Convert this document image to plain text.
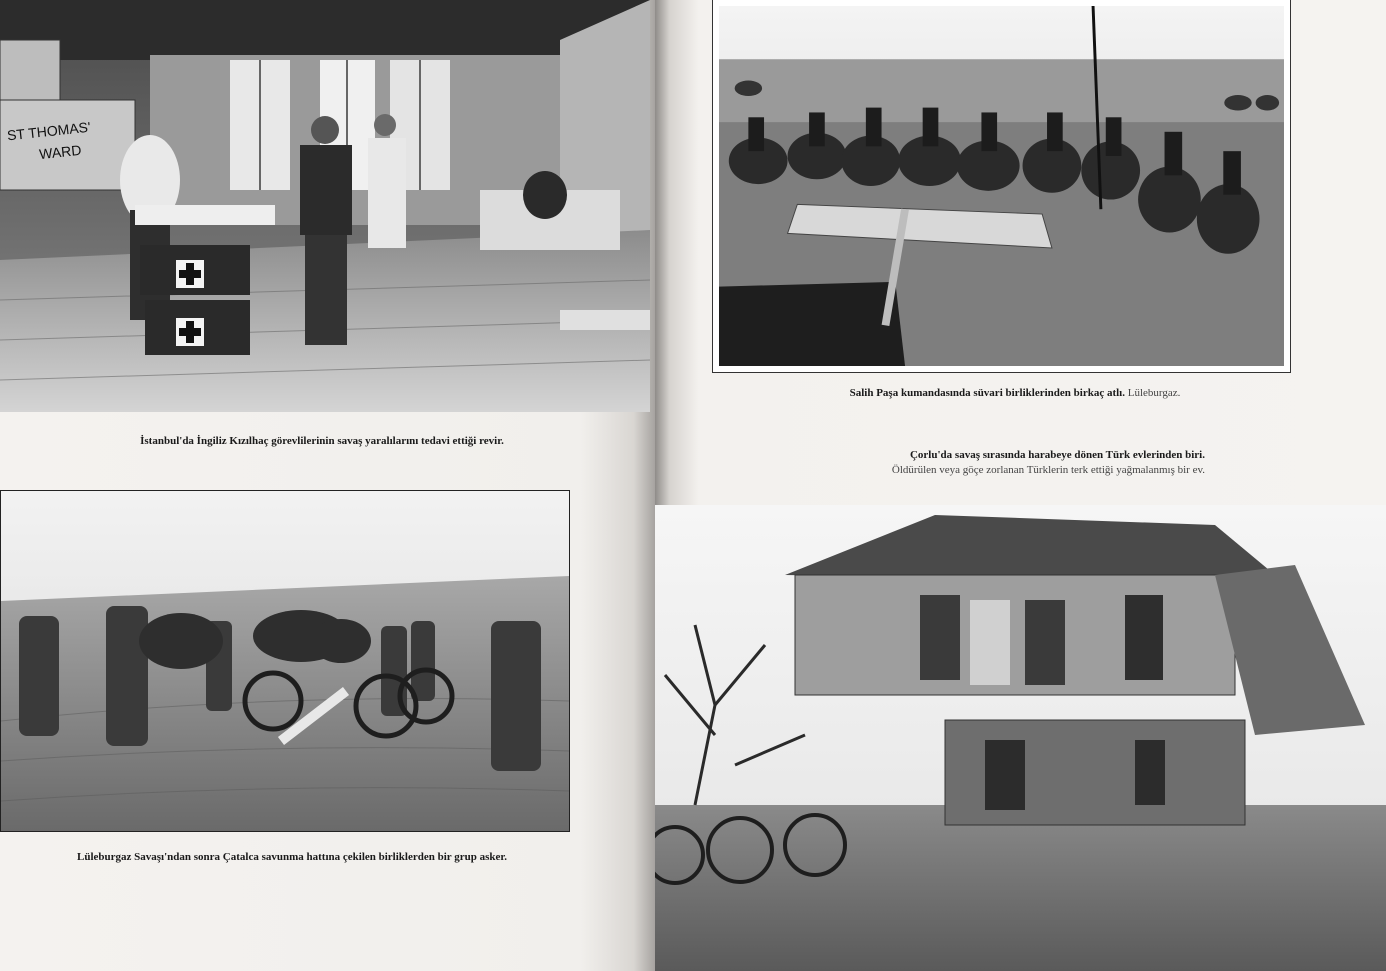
ST THOMAS'
WARD
İstanbul'da İngiliz Kızılhaç görevlilerinin savaş yaralılarını tedavi ettiği revir.
Lüleburgaz Savaşı'ndan sonra Çatalca savunma hattına çekilen birliklerden bir grup asker.
Salih Paşa kumandasında süvari birliklerinden birkaç atlı. Lüleburgaz.
Çorlu'da savaş sırasında harabeye dönen Türk evlerinden biri.
Öldürülen veya göçe zorlanan Türklerin terk ettiği yağmalanmış bir ev.
